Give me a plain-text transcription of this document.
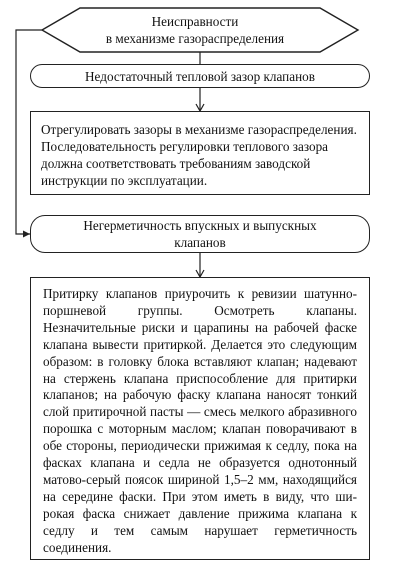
Неисправности
в механизме газораспределения
Недостаточный тепловой зазор клапанов
Отрегулировать зазоры в механизме газораспределения. Последовательность регулировки теплового зазора должна соответствовать требованиям заводской инструкции по эксплуатации.
Негерметичность впускных и выпускных клапанов
Притирку клапанов приурочить к ревизии шатунно-поршневой группы. Осмотреть клапаны. Незначительные риски и царапины на рабочей фаске клапана вывести притиркой. Делается это следующим образом: в головку блока вставляют клапан; надевают на стержень клапана приспособление для притирки клапанов; на рабочую фаску клапана наносят тонкий слой притирочной пасты — смесь мелкого абразивного порошка с моторным маслом; клапан поворачивают в обе стороны, периодически прижимая к седлу, пока на фасках клапана и седла не образуется однотонный матово-серый поясок шириной 1,5–2 мм, находящийся на середине фаски. При этом иметь в виду, что широкая фаска снижает давление прижима клапана к седлу и тем самым нарушает герметичность соединения.
